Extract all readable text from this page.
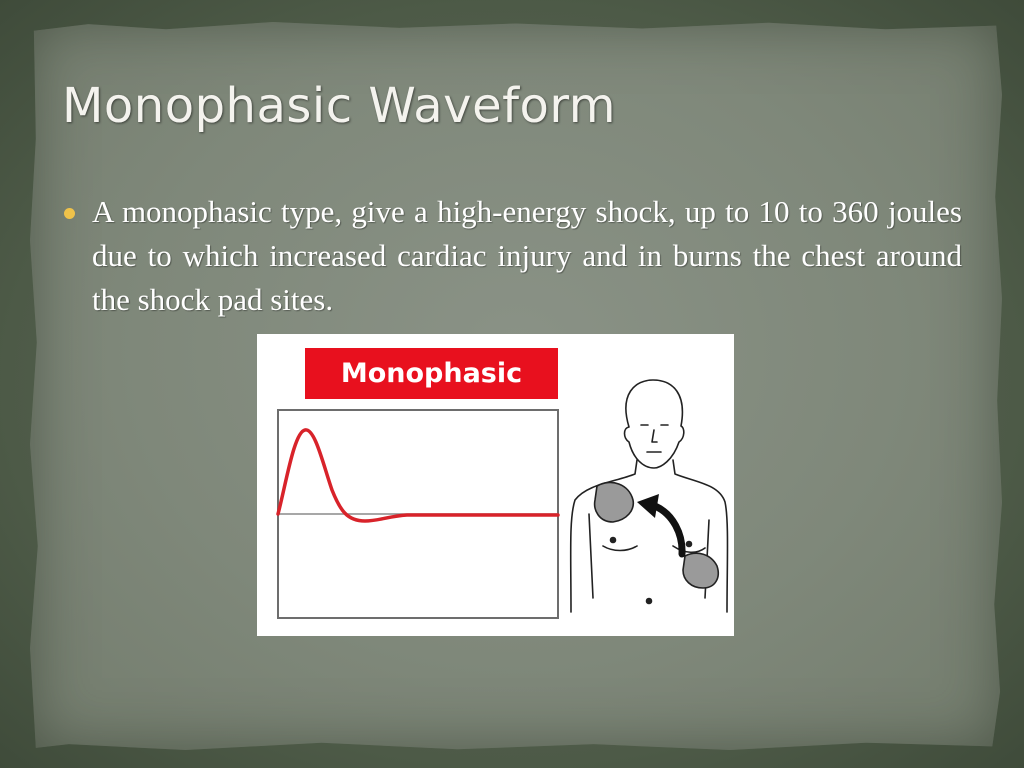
Monophasic Waveform

A monophasic type, give a high-energy shock, up to 10 to 360 joules due to which increased cardiac injury and in burns the chest around the shock pad sites.

Monophasic
